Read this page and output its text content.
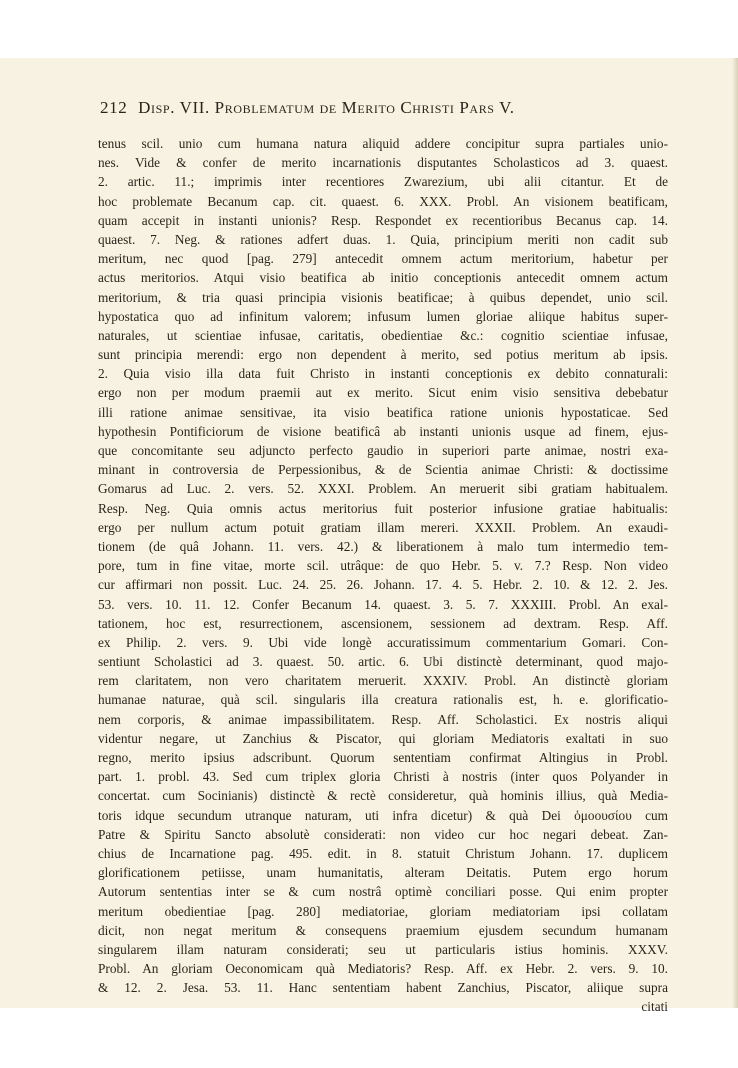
212 Disp. VII. Problematum de Merito Christi Pars V.
tenus scil. unio cum humana natura aliquid addere concipitur supra partiales unio-
nes. Vide & confer de merito incarnationis disputantes Scholasticos ad 3. quaest.
2. artic. 11.; imprimis inter recentiores Zwarezium, ubi alii citantur. Et de
hoc problemate Becanum cap. cit. quaest. 6. XXX. Probl. An visionem beatificam,
quam accepit in instanti unionis? Resp. Respondet ex recentioribus Becanus cap. 14.
quaest. 7. Neg. & rationes adfert duas. 1. Quia, principium meriti non cadit sub
meritum, nec quod [pag. 279] antecedit omnem actum meritorium, habetur per
actus meritorios. Atqui visio beatifica ab initio conceptionis antecedit omnem actum
meritorium, & tria quasi principia visionis beatificae; à quibus dependet, unio scil.
hypostatica quo ad infinitum valorem; infusum lumen gloriae aliique habitus super-
naturales, ut scientiae infusae, caritatis, obedientiae &c.: cognitio scientiae infusae,
sunt principia merendi: ergo non dependent à merito, sed potius meritum ab ipsis.
2. Quia visio illa data fuit Christo in instanti conceptionis ex debito connaturali:
ergo non per modum praemii aut ex merito. Sicut enim visio sensitiva debebatur
illi ratione animae sensitivae, ita visio beatifica ratione unionis hypostaticae. Sed
hypothesin Pontificiorum de visione beatificâ ab instanti unionis usque ad finem, ejus-
que concomitante seu adjuncto perfecto gaudio in superiori parte animae, nostri exa-
minant in controversia de Perpessionibus, & de Scientia animae Christi: & doctissime
Gomarus ad Luc. 2. vers. 52. XXXI. Problem. An meruerit sibi gratiam habitualem.
Resp. Neg. Quia omnis actus meritorius fuit posterior infusione gratiae habitualis:
ergo per nullum actum potuit gratiam illam mereri. XXXII. Problem. An exaudi-
tionem (de quâ Johann. 11. vers. 42.) & liberationem à malo tum intermedio tem-
pore, tum in fine vitae, morte scil. utrâque: de quo Hebr. 5. v. 7.? Resp. Non video
cur affirmari non possit. Luc. 24. 25. 26. Johann. 17. 4. 5. Hebr. 2. 10. & 12. 2. Jes.
53. vers. 10. 11. 12. Confer Becanum 14. quaest. 3. 5. 7. XXXIII. Probl. An exal-
tationem, hoc est, resurrectionem, ascensionem, sessionem ad dextram. Resp. Aff.
ex Philip. 2. vers. 9. Ubi vide longè accuratissimum commentarium Gomari. Con-
sentiunt Scholastici ad 3. quaest. 50. artic. 6. Ubi distinctè determinant, quod majo-
rem claritatem, non vero charitatem meruerit. XXXIV. Probl. An distinctè gloriam
humanae naturae, quà scil. singularis illa creatura rationalis est, h. e. glorificatio-
nem corporis, & animae impassibilitatem. Resp. Aff. Scholastici. Ex nostris aliqui
videntur negare, ut Zanchius & Piscator, qui gloriam Mediatoris exaltati in suo
regno, merito ipsius adscribunt. Quorum sententiam confirmat Altingius in Probl.
part. 1. probl. 43. Sed cum triplex gloria Christi à nostris (inter quos Polyander in
concertat. cum Socinianis) distinctè & rectè consideretur, quà hominis illius, quà Media-
toris idque secundum utranque naturam, uti infra dicetur) & quà Dei ὁμοουσίου cum
Patre & Spiritu Sancto absolutè considerati: non video cur hoc negari debeat. Zan-
chius de Incarnatione pag. 495. edit. in 8. statuit Christum Johann. 17. duplicem
glorificationem petiisse, unam humanitatis, alteram Deitatis. Putem ergo horum
Autorum sententias inter se & cum nostrâ optimè conciliari posse. Qui enim propter
meritum obedientiae [pag. 280] mediatoriae, gloriam mediatoriam ipsi collatam
dicit, non negat meritum & consequens praemium ejusdem secundum humanam
singularem illam naturam considerati; seu ut particularis istius hominis. XXXV.
Probl. An gloriam Oeconomicam quà Mediatoris? Resp. Aff. ex Hebr. 2. vers. 9. 10.
& 12. 2. Jesa. 53. 11. Hanc sententiam habent Zanchius, Piscator, aliique supra
citati
